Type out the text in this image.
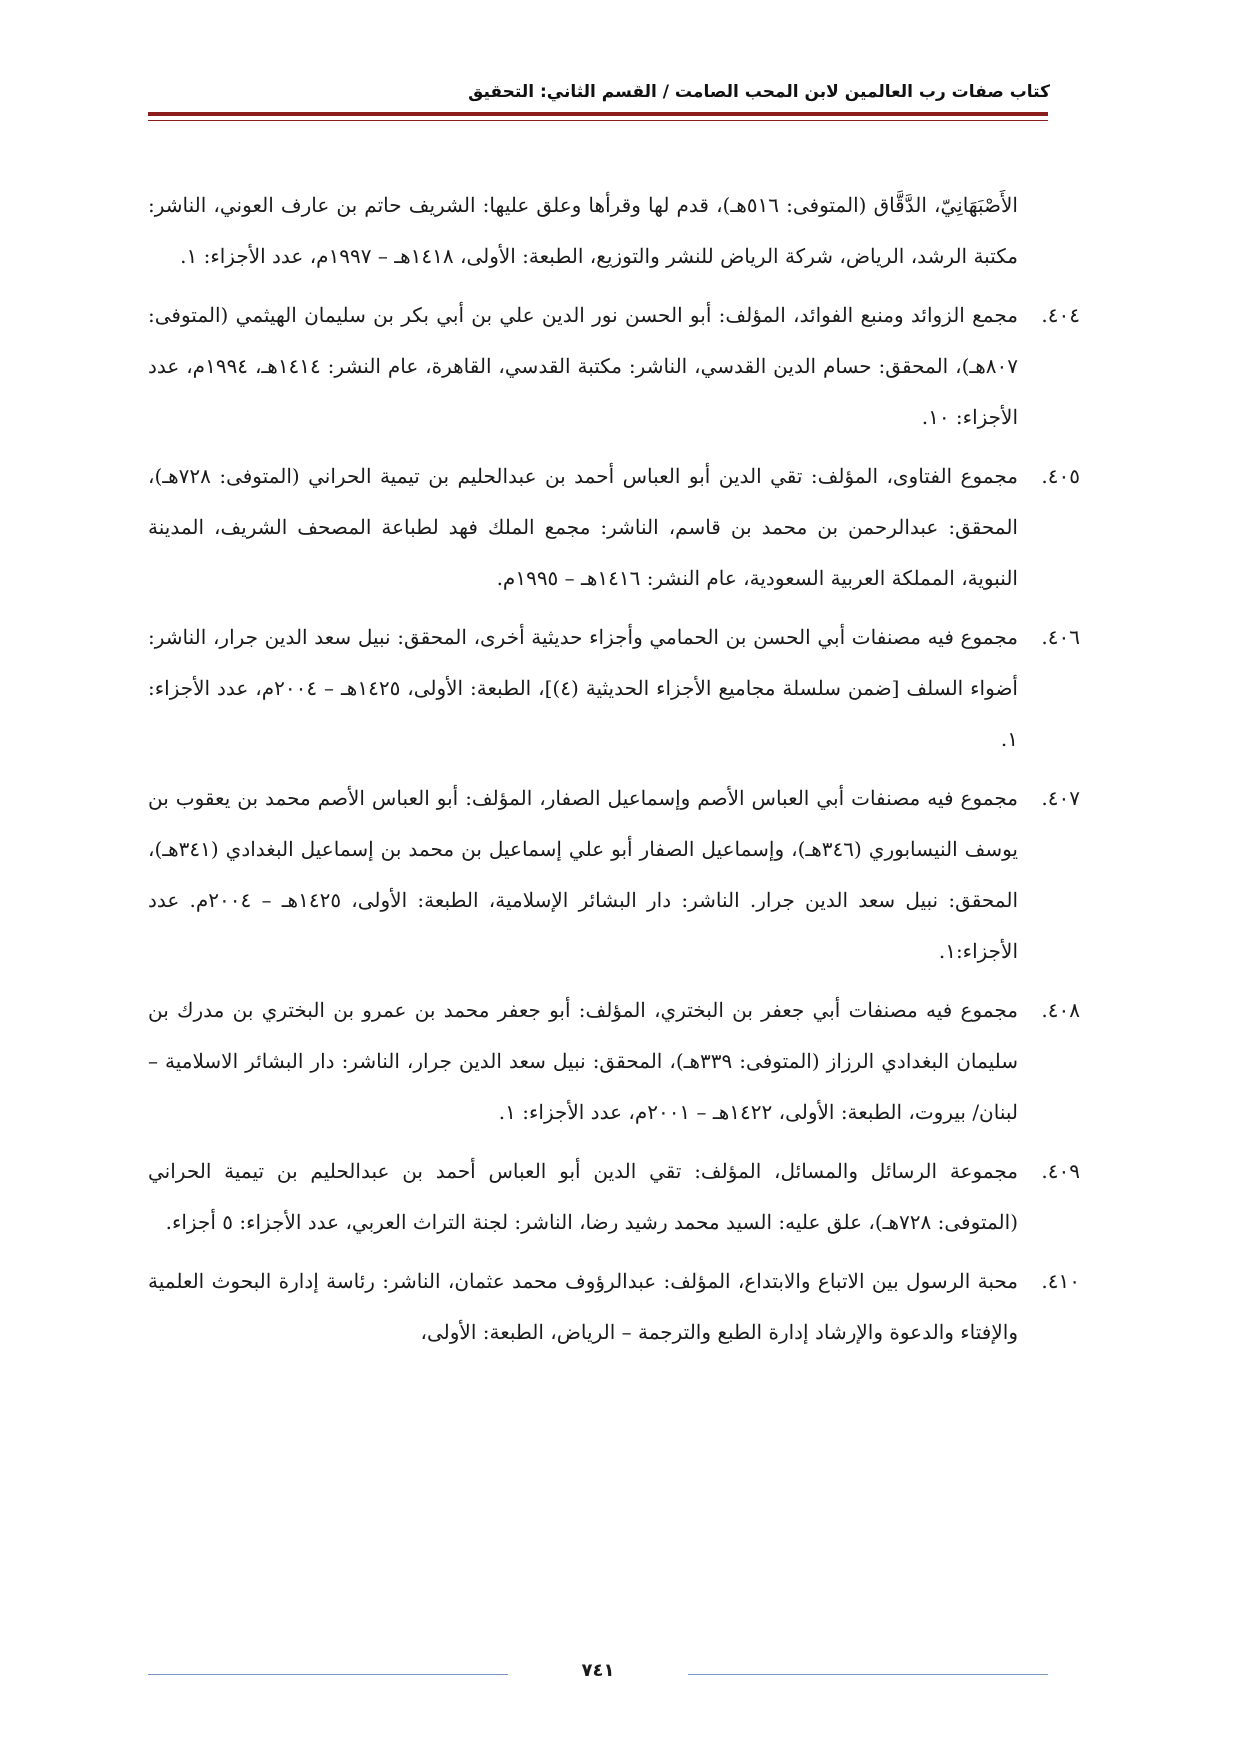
كتاب صفات رب العالمين لابن المحب الصامت / القسم الثاني: التحقيق
الأَصْبَهَانِيّ، الدَّقَّاق (المتوفى: ٥١٦هـ)، قدم لها وقرأها وعلق عليها: الشريف حاتم بن عارف العوني، الناشر: مكتبة الرشد، الرياض، شركة الرياض للنشر والتوزيع، الطبعة: الأولى، ١٤١٨هـ – ١٩٩٧م، عدد الأجزاء: ١.
٤٠٤.
مجمع الزوائد ومنبع الفوائد، المؤلف: أبو الحسن نور الدين علي بن أبي بكر بن سليمان الهيثمي (المتوفى: ٨٠٧هـ)، المحقق: حسام الدين القدسي، الناشر: مكتبة القدسي، القاهرة، عام النشر: ١٤١٤هـ، ١٩٩٤م، عدد الأجزاء: ١٠.
٤٠٥.
مجموع الفتاوى، المؤلف: تقي الدين أبو العباس أحمد بن عبدالحليم بن تيمية الحراني (المتوفى: ٧٢٨هـ)، المحقق: عبدالرحمن بن محمد بن قاسم، الناشر: مجمع الملك فهد لطباعة المصحف الشريف، المدينة النبوية، المملكة العربية السعودية، عام النشر: ١٤١٦هـ – ١٩٩٥م.
٤٠٦.
مجموع فيه مصنفات أبي الحسن بن الحمامي وأجزاء حديثية أخرى، المحقق: نبيل سعد الدين جرار، الناشر: أضواء السلف [ضمن سلسلة مجاميع الأجزاء الحديثية (٤)]، الطبعة: الأولى، ١٤٢٥هـ – ٢٠٠٤م، عدد الأجزاء: ١.
٤٠٧.
مجموع فيه مصنفات أبي العباس الأصم وإسماعيل الصفار، المؤلف: أبو العباس الأصم محمد بن يعقوب بن يوسف النيسابوري (٣٤٦هـ)، وإسماعيل الصفار أبو علي إسماعيل بن محمد بن إسماعيل البغدادي (٣٤١هـ)، المحقق: نبيل سعد الدين جرار. الناشر: دار البشائر الإسلامية، الطبعة: الأولى، ١٤٢٥هـ – ٢٠٠٤م. عدد الأجزاء:١.
٤٠٨.
مجموع فيه مصنفات أبي جعفر بن البختري، المؤلف: أبو جعفر محمد بن عمرو بن البختري بن مدرك بن سليمان البغدادي الرزاز (المتوفى: ٣٣٩هـ)، المحقق: نبيل سعد الدين جرار، الناشر: دار البشائر الاسلامية – لبنان/ بيروت، الطبعة: الأولى، ١٤٢٢هـ – ٢٠٠١م، عدد الأجزاء: ١.
٤٠٩.
مجموعة الرسائل والمسائل، المؤلف: تقي الدين أبو العباس أحمد بن عبدالحليم بن تيمية الحراني (المتوفى: ٧٢٨هـ)، علق عليه: السيد محمد رشيد رضا، الناشر: لجنة التراث العربي، عدد الأجزاء: ٥ أجزاء.
٤١٠.
محبة الرسول بين الاتباع والابتداع، المؤلف: عبدالرؤوف محمد عثمان، الناشر: رئاسة إدارة البحوث العلمية والإفتاء والدعوة والإرشاد إدارة الطبع والترجمة – الرياض، الطبعة: الأولى،
٧٤١
